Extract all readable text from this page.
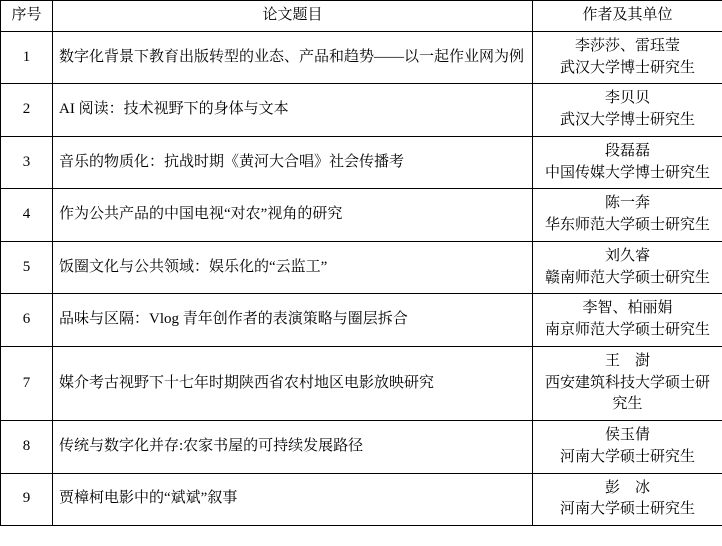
序号	论文题目	作者及其单位
1	数字化背景下教育出版转型的业态、产品和趋势——以一起作业网为例	李莎莎、雷珏莹
武汉大学博士研究生

2	AI 阅读：技术视野下的身体与文本	李贝贝
武汉大学博士研究生

3	音乐的物质化：抗战时期《黄河大合唱》社会传播考	段磊磊
中国传媒大学博士研究生

4	作为公共产品的中国电视“对农”视角的研究	陈一奔
华东师范大学硕士研究生

5	饭圈文化与公共领域：娱乐化的“云监工”	刘久睿
赣南师范大学硕士研究生

6	品味与区隔：Vlog 青年创作者的表演策略与圈层拆合	李智、柏丽娟
南京师范大学硕士研究生

7	媒介考古视野下十七年时期陕西省农村地区电影放映研究	王　澍
西安建筑科技大学硕士研
究生

8	传统与数字化并存:农家书屋的可持续发展路径	侯玉倩
河南大学硕士研究生

9	贾樟柯电影中的“斌斌”叙事	彭　冰
河南大学硕士研究生
